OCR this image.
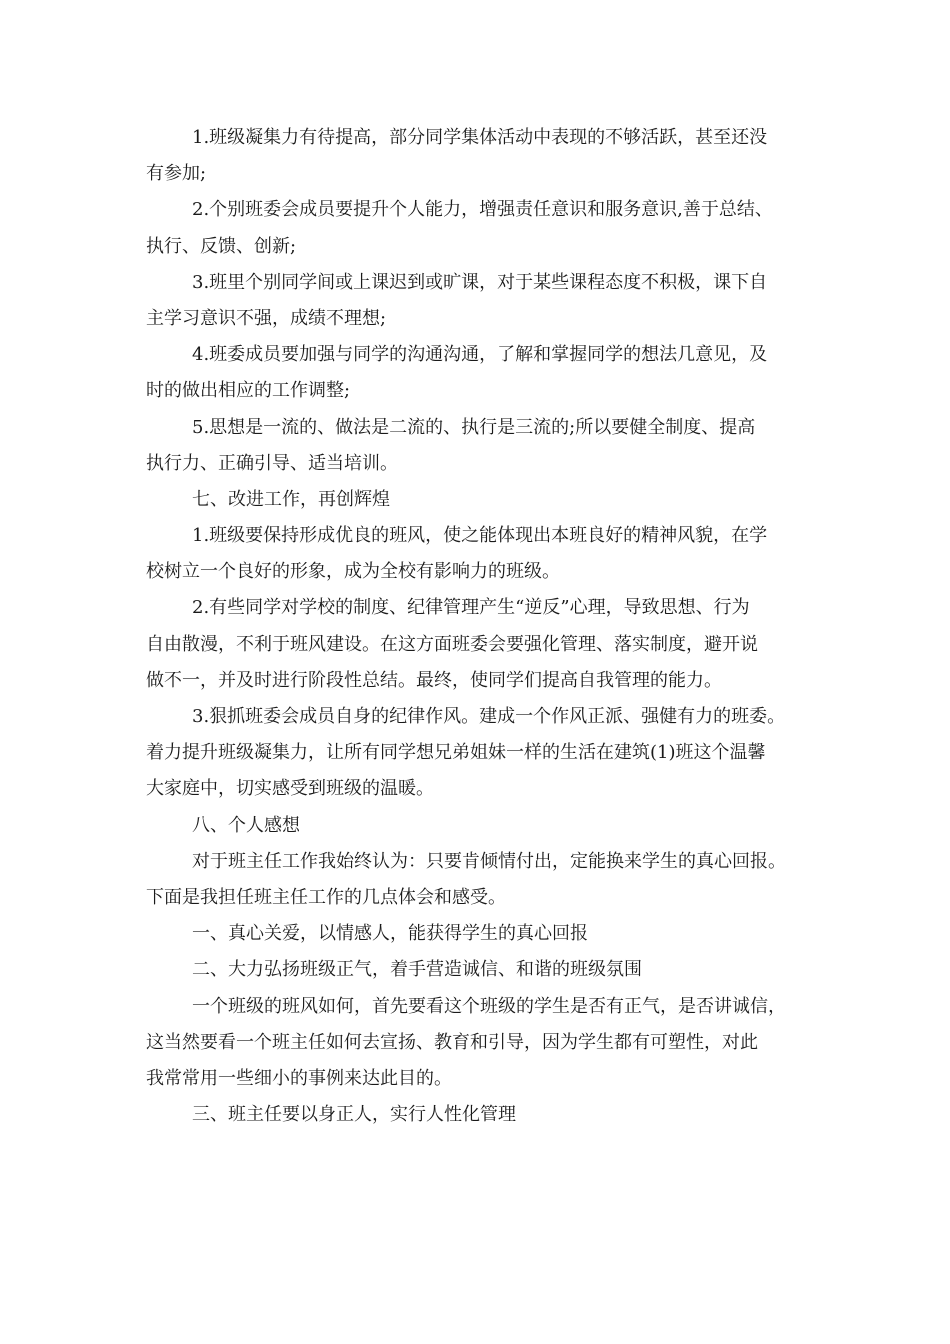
1.班级凝集力有待提高，部分同学集体活动中表现的不够活跃，甚至还没
有参加;
2.个别班委会成员要提升个人能力，增强责任意识和服务意识,善于总结、
执行、反馈、创新;
3.班里个别同学间或上课迟到或旷课，对于某些课程态度不积极，课下自
主学习意识不强，成绩不理想;
4.班委成员要加强与同学的沟通沟通，了解和掌握同学的想法几意见，及
时的做出相应的工作调整;
5.思想是一流的、做法是二流的、执行是三流的;所以要健全制度、提高
执行力、正确引导、适当培训。
七、改进工作，再创辉煌
1.班级要保持形成优良的班风，使之能体现出本班良好的精神风貌，在学
校树立一个良好的形象，成为全校有影响力的班级。
2.有些同学对学校的制度、纪律管理产生“逆反”心理，导致思想、行为
自由散漫，不利于班风建设。在这方面班委会要强化管理、落实制度，避开说
做不一，并及时进行阶段性总结。最终，使同学们提高自我管理的能力。
3.狠抓班委会成员自身的纪律作风。建成一个作风正派、强健有力的班委。
着力提升班级凝集力，让所有同学想兄弟姐妹一样的生活在建筑(1)班这个温馨
大家庭中，切实感受到班级的温暖。
八、个人感想
对于班主任工作我始终认为：只要肯倾情付出，定能换来学生的真心回报。
下面是我担任班主任工作的几点体会和感受。
一、真心关爱，以情感人，能获得学生的真心回报
二、大力弘扬班级正气，着手营造诚信、和谐的班级氛围
一个班级的班风如何，首先要看这个班级的学生是否有正气，是否讲诚信，
这当然要看一个班主任如何去宣扬、教育和引导，因为学生都有可塑性，对此
我常常用一些细小的事例来达此目的。
三、班主任要以身正人，实行人性化管理
